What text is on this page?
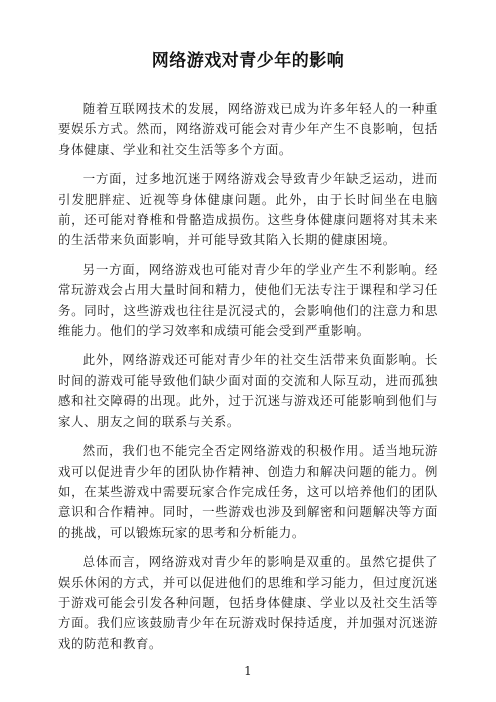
网络游戏对青少年的影响

随着互联网技术的发展，网络游戏已成为许多年轻人的一种重要娱乐方式。然而，网络游戏可能会对青少年产生不良影响，包括身体健康、学业和社交生活等多个方面。

一方面，过多地沉迷于网络游戏会导致青少年缺乏运动，进而引发肥胖症、近视等身体健康问题。此外，由于长时间坐在电脑前，还可能对脊椎和骨骼造成损伤。这些身体健康问题将对其未来的生活带来负面影响，并可能导致其陷入长期的健康困境。

另一方面，网络游戏也可能对青少年的学业产生不利影响。经常玩游戏会占用大量时间和精力，使他们无法专注于课程和学习任务。同时，这些游戏也往往是沉浸式的，会影响他们的注意力和思维能力。他们的学习效率和成绩可能会受到严重影响。

此外，网络游戏还可能对青少年的社交生活带来负面影响。长时间的游戏可能导致他们缺少面对面的交流和人际互动，进而孤独感和社交障碍的出现。此外，过于沉迷与游戏还可能影响到他们与家人、朋友之间的联系与关系。

然而，我们也不能完全否定网络游戏的积极作用。适当地玩游戏可以促进青少年的团队协作精神、创造力和解决问题的能力。例如，在某些游戏中需要玩家合作完成任务，这可以培养他们的团队意识和合作精神。同时，一些游戏也涉及到解密和问题解决等方面的挑战，可以锻炼玩家的思考和分析能力。

总体而言，网络游戏对青少年的影响是双重的。虽然它提供了娱乐休闲的方式，并可以促进他们的思维和学习能力，但过度沉迷于游戏可能会引发各种问题，包括身体健康、学业以及社交生活等方面。我们应该鼓励青少年在玩游戏时保持适度，并加强对沉迷游戏的防范和教育。

1
